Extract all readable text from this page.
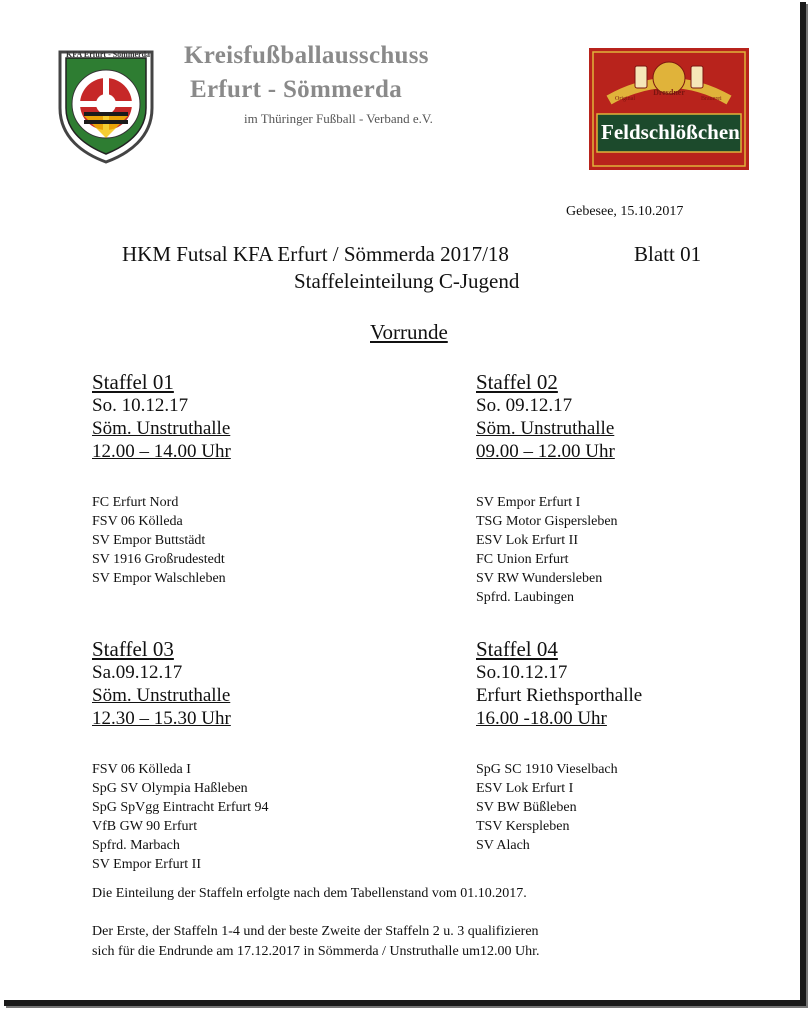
KFA Erfurt - Sömmerda Kreisfußballausschuss
Erfurt - Sömmerda
im Thüringer Fußball - Verband e.V.
Dresdner
Original	Brauerei
Feldschlößchen
Gebesee, 15.10.2017
HKM Futsal KFA Erfurt / Sömmerda 2017/18	Blatt 01
Staffeleinteilung C-Jugend
Vorrunde
Staffel 01
So. 10.12.17
Söm. Unstruthalle
12.00 – 14.00 Uhr
FC Erfurt Nord
FSV 06 Kölleda
SV Empor Buttstädt
SV 1916 Großrudestedt
SV Empor Walschleben
Staffel 02
So. 09.12.17
Söm. Unstruthalle
09.00 – 12.00 Uhr
SV Empor Erfurt I
TSG Motor Gispersleben
ESV Lok Erfurt II
FC Union Erfurt
SV RW Wundersleben
Spfrd. Laubingen
Staffel 03
Sa.09.12.17
Söm. Unstruthalle
12.30 – 15.30 Uhr
FSV 06 Kölleda I
SpG SV Olympia Haßleben
SpG SpVgg Eintracht Erfurt 94
VfB GW 90 Erfurt
Spfrd. Marbach
SV Empor Erfurt II
Staffel 04
So.10.12.17
Erfurt Riethsporthalle
16.00 -18.00 Uhr
SpG SC 1910 Vieselbach
ESV Lok Erfurt I
SV BW Büßleben
TSV Kerspleben
SV Alach
Die Einteilung der Staffeln erfolgte nach dem Tabellenstand vom 01.10.2017.
Der Erste, der Staffeln 1-4 und der beste Zweite der Staffeln 2 u. 3 qualifizieren
sich für die Endrunde am 17.12.2017 in Sömmerda / Unstruthalle um12.00 Uhr.
